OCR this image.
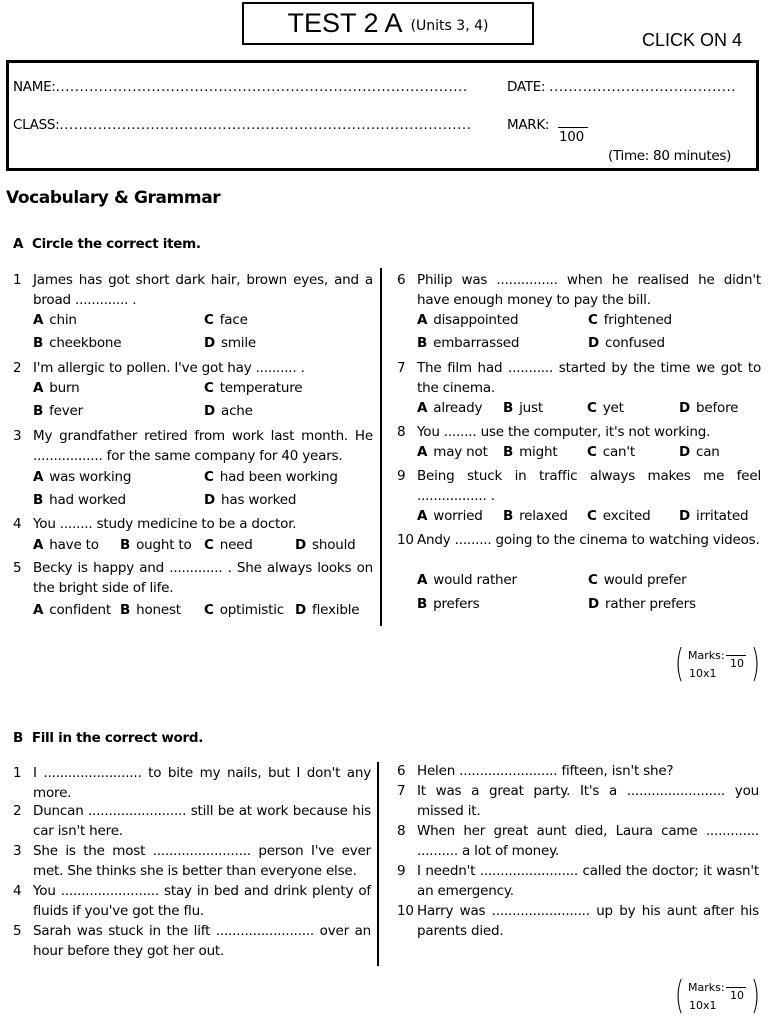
TEST 2 A (Units 3, 4)
CLICK ON 4
NAME:......................................................................................
CLASS:......................................................................................
DATE: .......................................
MARK:
100
(Time: 80 minutes)
Vocabulary & Grammar
A Circle the correct item.
1 James has got short dark hair, brown eyes, and a broad ............. .
A chin	C face
B cheekbone	D smile
2 I'm allergic to pollen. I've got hay .......... .
A burn	C temperature
B fever	D ache
3 My grandfather retired from work last month. He ................. for the same company for 40 years.
A was working	C had been working
B had worked	D has worked
4 You ........ study medicine to be a doctor.
A have to B ought to C need	D should
5 Becky is happy and ............. . She always looks on the bright side of life.
A confident B honest C optimistic D flexible
6 Philip was ............... when he realised he didn't have enough money to pay the bill.
A disappointed	C frightened
B embarrassed	D confused
7 The film had ........... started by the time we got to the cinema.
A already B just	C yet	D before
8 You ........ use the computer, it's not working.
A may not B might C can't	D can
9 Being stuck in traffic always makes me feel ................. .
A worried B relaxed C excited D irritated
10 Andy ......... going to the cinema to watching videos.
A would rather	C would prefer
B prefers	D rather prefers
( Marks:
10x1
10 )
B Fill in the correct word.
1 I ........................ to bite my nails, but I don't any more.
2 Duncan ........................ still be at work because his car isn't here.
3 She is the most ........................ person I've ever met. She thinks she is better than everyone else.
4 You ........................ stay in bed and drink plenty of fluids if you've got the flu.
5 Sarah was stuck in the lift ........................ over an hour before they got her out.
6 Helen ........................ fifteen, isn't she?
7 It was a great party. It's a ........................ you missed it.
8 When her great aunt died, Laura came ............. .......... a lot of money.
9 I needn't ........................ called the doctor; it wasn't an emergency.
10 Harry was ........................ up by his aunt after his parents died.
( Marks:
10x1
10 )
